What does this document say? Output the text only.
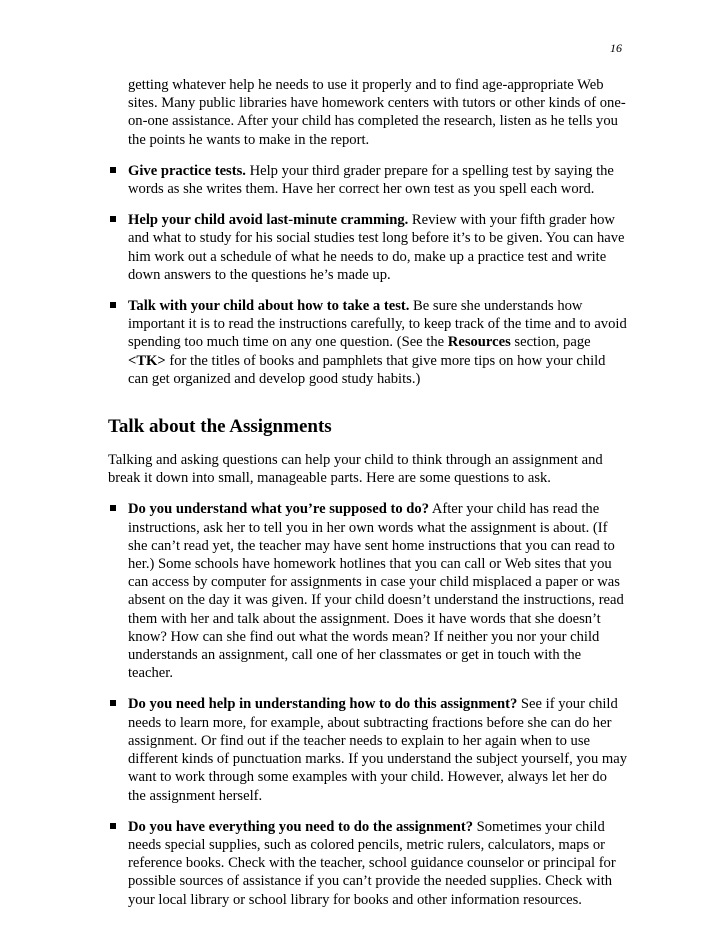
16

getting whatever help he needs to use it properly and to find age-appropriate Web sites. Many public libraries have homework centers with tutors or other kinds of one-on-one assistance. After your child has completed the research, listen as he tells you the points he wants to make in the report.

Give practice tests. Help your third grader prepare for a spelling test by saying the words as she writes them. Have her correct her own test as you spell each word.
Help your child avoid last-minute cramming. Review with your fifth grader how and what to study for his social studies test long before it’s to be given. You can have him work out a schedule of what he needs to do, make up a practice test and write down answers to the questions he’s made up.
Talk with your child about how to take a test. Be sure she understands how important it is to read the instructions carefully, to keep track of the time and to avoid spending too much time on any one question. (See the Resources section, page <TK> for the titles of books and pamphlets that give more tips on how your child can get organized and develop good study habits.)
Talk about the Assignments

Talking and asking questions can help your child to think through an assignment and break it down into small, manageable parts. Here are some questions to ask.

Do you understand what you’re supposed to do? After your child has read the instructions, ask her to tell you in her own words what the assignment is about. (If she can’t read yet, the teacher may have sent home instructions that you can read to her.) Some schools have homework hotlines that you can call or Web sites that you can access by computer for assignments in case your child misplaced a paper or was absent on the day it was given. If your child doesn’t understand the instructions, read them with her and talk about the assignment. Does it have words that she doesn’t know? How can she find out what the words mean? If neither you nor your child understands an assignment, call one of her classmates or get in touch with the teacher.
Do you need help in understanding how to do this assignment? See if your child needs to learn more, for example, about subtracting fractions before she can do her assignment. Or find out if the teacher needs to explain to her again when to use different kinds of punctuation marks. If you understand the subject yourself, you may want to work through some examples with your child. However, always let her do the assignment herself.
Do you have everything you need to do the assignment? Sometimes your child needs special supplies, such as colored pencils, metric rulers, calculators, maps or reference books. Check with the teacher, school guidance counselor or principal for possible sources of assistance if you can’t provide the needed supplies. Check with your local library or school library for books and other information resources.
